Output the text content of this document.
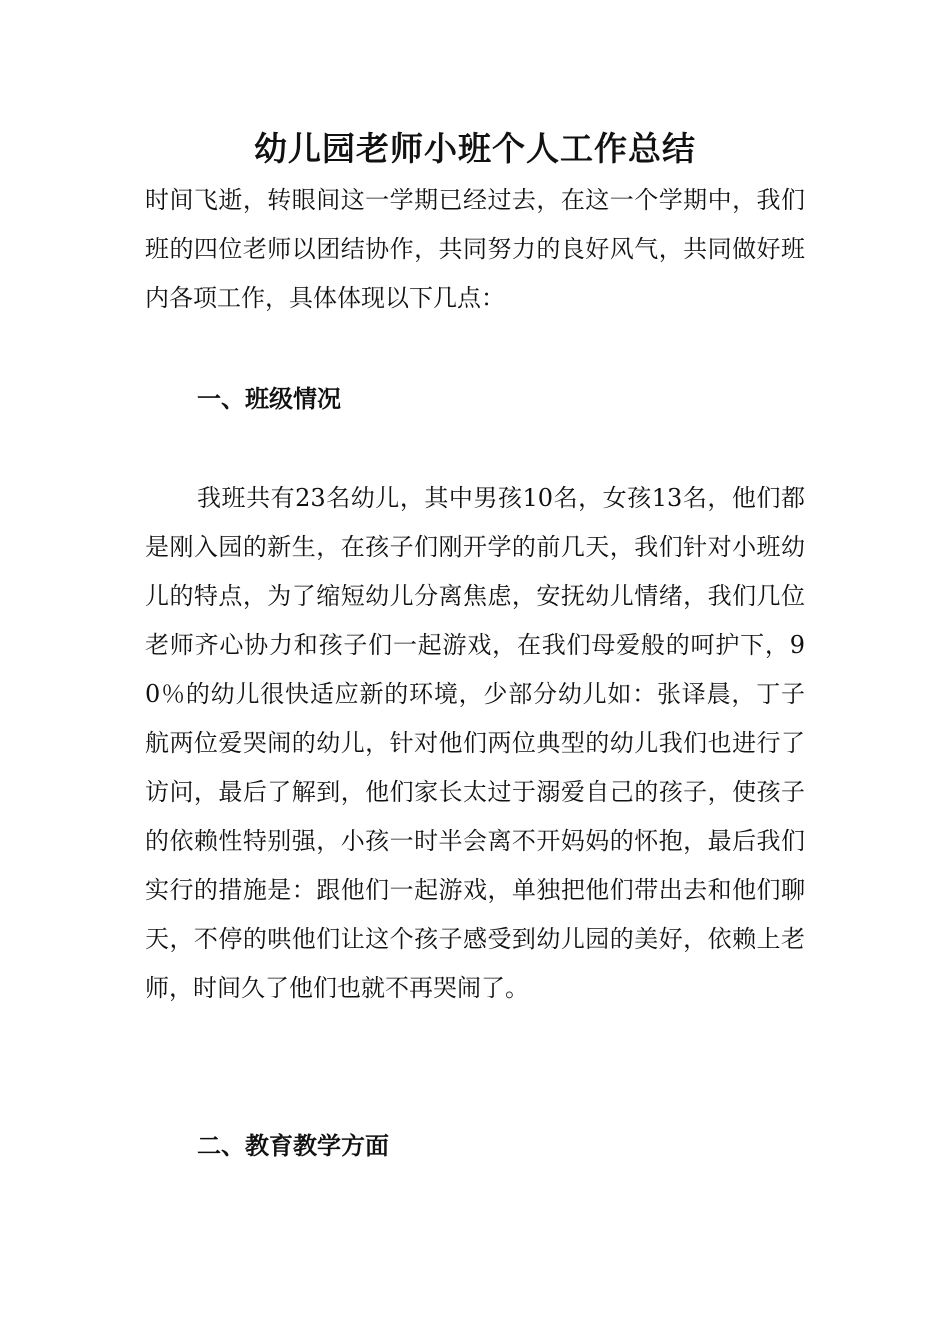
幼儿园老师小班个人工作总结

时间飞逝，转眼间这一学期已经过去，在这一个学期中，我们班的四位老师以团结协作，共同努力的良好风气，共同做好班内各项工作，具体体现以下几点：

一、班级情况

我班共有23名幼儿，其中男孩10名，女孩13名，他们都是刚入园的新生，在孩子们刚开学的前几天，我们针对小班幼儿的特点，为了缩短幼儿分离焦虑，安抚幼儿情绪，我们几位老师齐心协力和孩子们一起游戏，在我们母爱般的呵护下，90％的幼儿很快适应新的环境，少部分幼儿如：张译晨，丁子航两位爱哭闹的幼儿，针对他们两位典型的幼儿我们也进行了访问，最后了解到，他们家长太过于溺爱自己的孩子，使孩子的依赖性特别强，小孩一时半会离不开妈妈的怀抱，最后我们实行的措施是：跟他们一起游戏，单独把他们带出去和他们聊天，不停的哄他们让这个孩子感受到幼儿园的美好，依赖上老师，时间久了他们也就不再哭闹了。

二、教育教学方面
